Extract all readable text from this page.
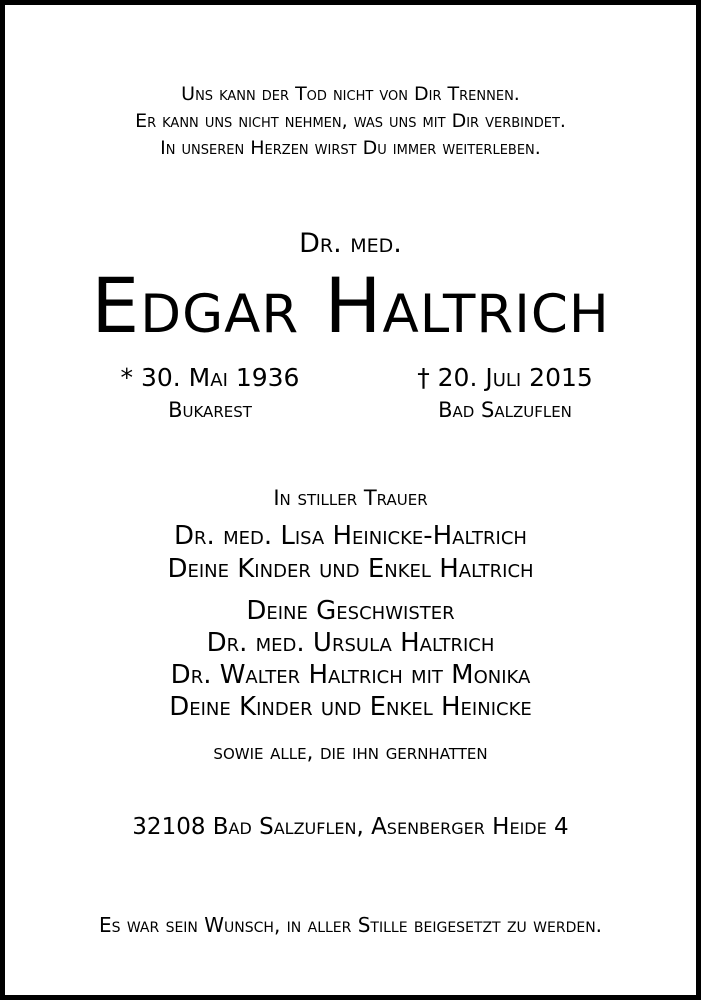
Uns kann der Tod nicht von Dir Trennen.
Er kann uns nicht nehmen, was uns mit Dir verbindet.
In unseren Herzen wirst Du immer weiterleben.
Dr. med.
Edgar Haltrich
* 30. Mai 1936
Bukarest
† 20. Juli 2015
Bad Salzuflen
In stiller Trauer
Dr. med. Lisa Heinicke-Haltrich
Deine Kinder und Enkel Haltrich
Deine Geschwister
Dr. med. Ursula Haltrich
Dr. Walter Haltrich mit Monika
Deine Kinder und Enkel Heinicke
sowie alle, die ihn gernhatten
32108 Bad Salzuflen, Asenberger Heide 4
Es war sein Wunsch, in aller Stille beigesetzt zu werden.
